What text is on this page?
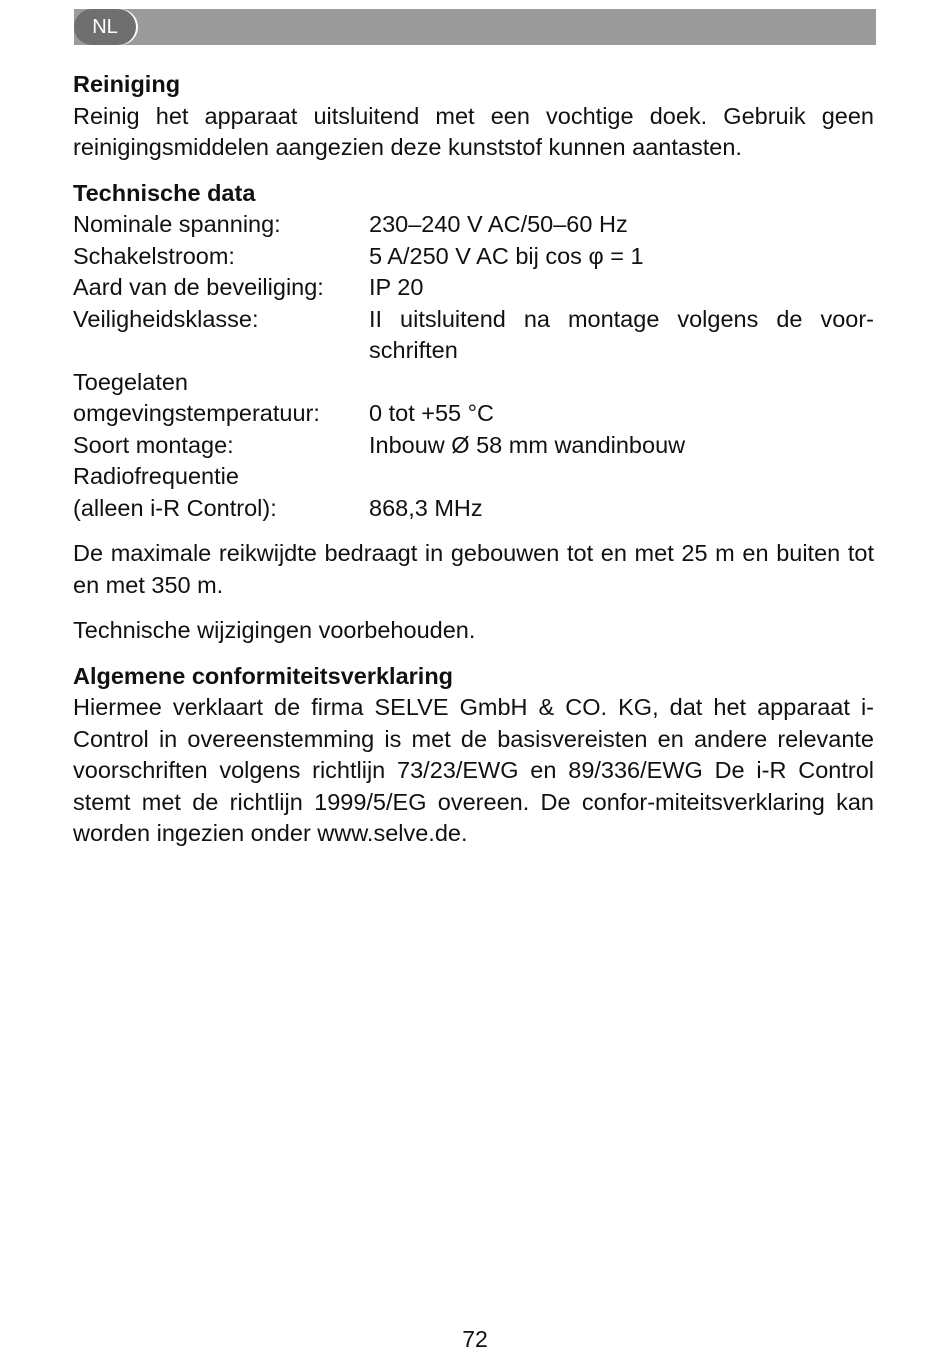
NL
Reiniging

Reinig het apparaat uitsluitend met een vochtige doek. Gebruik geen reinigingsmiddelen aangezien deze kunststof kunnen aantasten.

Technische data
Nominale spanning:	230–240 V AC/50–60 Hz
Schakelstroom:	5 A/250 V AC bij cos φ = 1
Aard van de beveiliging:	IP 20
Veiligheidsklasse:	II uitsluitend na montage volgens de voor-schriften
Toegelaten
omgevingstemperatuur:	0 tot +55 °C
Soort montage:	Inbouw Ø 58 mm wandinbouw
Radiofrequentie
(alleen i-R Control):	868,3 MHz

De maximale reikwijdte bedraagt in gebouwen tot en met 25 m en buiten tot en met 350 m.

Technische wijzigingen voorbehouden.

Algemene conformiteitsverklaring

Hiermee verklaart de firma SELVE GmbH & CO. KG, dat het apparaat i-Control in overeenstemming is met de basisvereisten en andere relevante voorschriften volgens richtlijn 73/23/EWG en 89/336/EWG De i-R Control stemt met de richtlijn 1999/5/EG overeen. De confor-miteitsverklaring kan worden ingezien onder www.selve.de.

72
